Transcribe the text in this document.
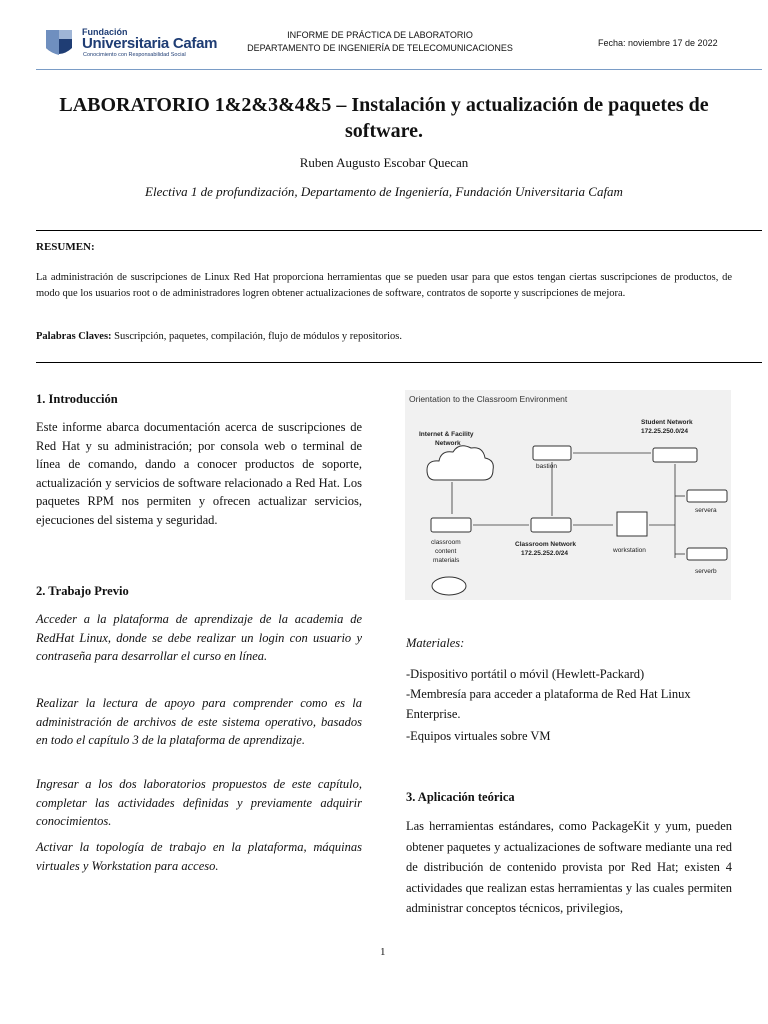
Fundación
Universitaria Cafam
Conocimiento con Responsabilidad Social
INFORME DE PRÁCTICA DE LABORATORIO
DEPARTAMENTO DE INGENIERÍA DE TELECOMUNICACIONES	Fecha: noviembre 17 de 2022
LABORATORIO 1&2&3&4&5 – Instalación y actualización de paquetes de software.
Ruben Augusto Escobar Quecan
Electiva 1 de profundización, Departamento de Ingeniería, Fundación Universitaria Cafam
RESUMEN:
La administración de suscripciones de Linux Red Hat proporciona herramientas que se pueden usar para que estos tengan ciertas suscripciones de productos, de modo que los usuarios root o de administradores logren obtener actualizaciones de software, contratos de soporte y suscripciones de mejora.
Palabras Claves: Suscripción, paquetes, compilación, flujo de módulos y repositorios.
1. Introducción
Este informe abarca documentación acerca de suscripciones de Red Hat y su administración; por consola web o terminal de línea de comando, dando a conocer productos de soporte, actualización y servicios de software relacionado a Red Hat. Los paquetes RPM nos permiten y ofrecen actualizar servicios, ejecuciones del sistema y seguridad.
2. Trabajo Previo
Acceder a la plataforma de aprendizaje de la academia de RedHat Linux, donde se debe realizar un login con usuario y contraseña para desarrollar el curso en línea.
Realizar la lectura de apoyo para comprender como es la administración de archivos de este sistema operativo, basados en todo el capítulo 3 de la plataforma de aprendizaje.
Ingresar a los dos laboratorios propuestos de este capítulo, completar las actividades definidas y previamente adquirir conocimientos.
Activar la topología de trabajo en la plataforma, máquinas virtuales y Workstation para acceso.
Orientation to the Classroom Environment
Internet & Facility
Network
bastion
Student Network
172.25.250.0/24
servera
serverb
workstation
Classroom Network
172.25.252.0/24
classroom
content
materials
Materiales:
-Dispositivo portátil o móvil (Hewlett-Packard)
-Membresía para acceder a plataforma de Red Hat Linux Enterprise.
-Equipos virtuales sobre VM
3. Aplicación teórica
Las herramientas estándares, como PackageKit y yum, pueden obtener paquetes y actualizaciones de software mediante una red de distribución de contenido provista por Red Hat; existen 4 actividades que realizan estas herramientas y las cuales permiten administrar conceptos técnicos, privilegios,
1
